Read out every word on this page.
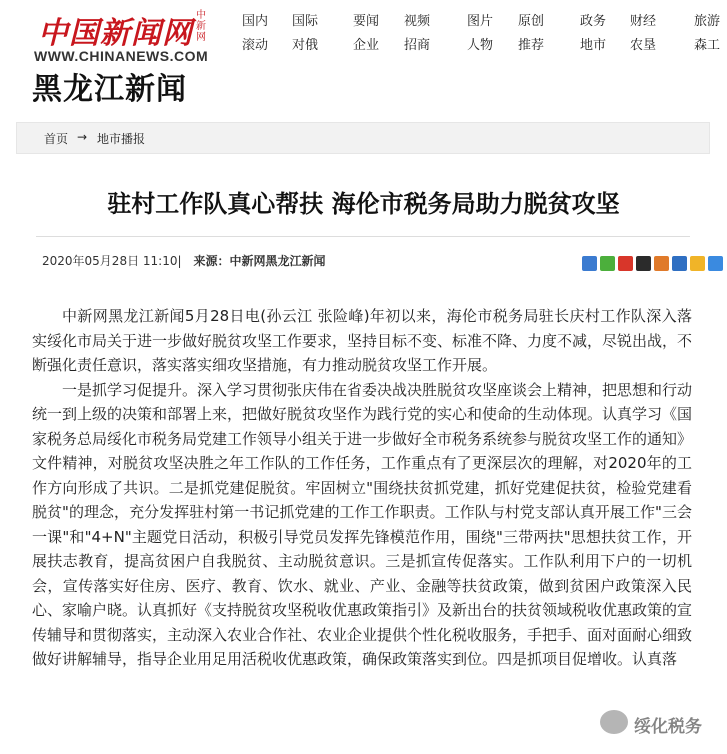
中国新闻网
中新网
WWW.CHINANEWS.COM
黑龙江新闻
国内
滚动
国际
对俄
要闻
企业
视频
招商
图片
人物
原创
推荐
政务
地市
财经
农垦
旅游
森工
首页 → 地市播报
驻村工作队真心帮扶 海伦市税务局助力脱贫攻坚
2020年05月28日 11:10| 来源：中新网黑龙江新闻

中新网黑龙江新闻5月28日电(孙云江 张险峰)年初以来，海伦市税务局驻长庆村工作队深入落实绥化市局关于进一步做好脱贫攻坚工作要求，坚持目标不变、标准不降、力度不减，尽锐出战，不断强化责任意识，落实落实细攻坚措施，有力推动脱贫攻坚工作开展。

一是抓学习促提升。深入学习贯彻张庆伟在省委决战决胜脱贫攻坚座谈会上精神，把思想和行动统一到上级的决策和部署上来，把做好脱贫攻坚作为践行党的实心和使命的生动体现。认真学习《国家税务总局绥化市税务局党建工作领导小组关于进一步做好全市税务系统参与脱贫攻坚工作的通知》文件精神，对脱贫攻坚决胜之年工作队的工作任务，工作重点有了更深层次的理解，对2020年的工作方向形成了共识。二是抓党建促脱贫。牢固树立"围绕扶贫抓党建，抓好党建促扶贫，检验党建看脱贫"的理念，充分发挥驻村第一书记抓党建的工作工作职责。工作队与村党支部认真开展工作"三会一课"和"4+N"主题党日活动，积极引导党员发挥先锋模范作用，围绕"三带两扶"思想扶贫工作，开展扶志教育，提高贫困户自我脱贫、主动脱贫意识。三是抓宣传促落实。工作队利用下户的一切机会，宣传落实好住房、医疗、教育、饮水、就业、产业、金融等扶贫政策，做到贫困户政策深入民心、家喻户晓。认真抓好《支持脱贫攻坚税收优惠政策指引》及新出台的扶贫领域税收优惠政策的宣传辅导和贯彻落实，主动深入农业合作社、农业企业提供个性化税收服务，手把手、面对面耐心细致做好讲解辅导，指导企业用足用活税收优惠政策，确保政策落实到位。四是抓项目促增收。认真落

绥化税务
